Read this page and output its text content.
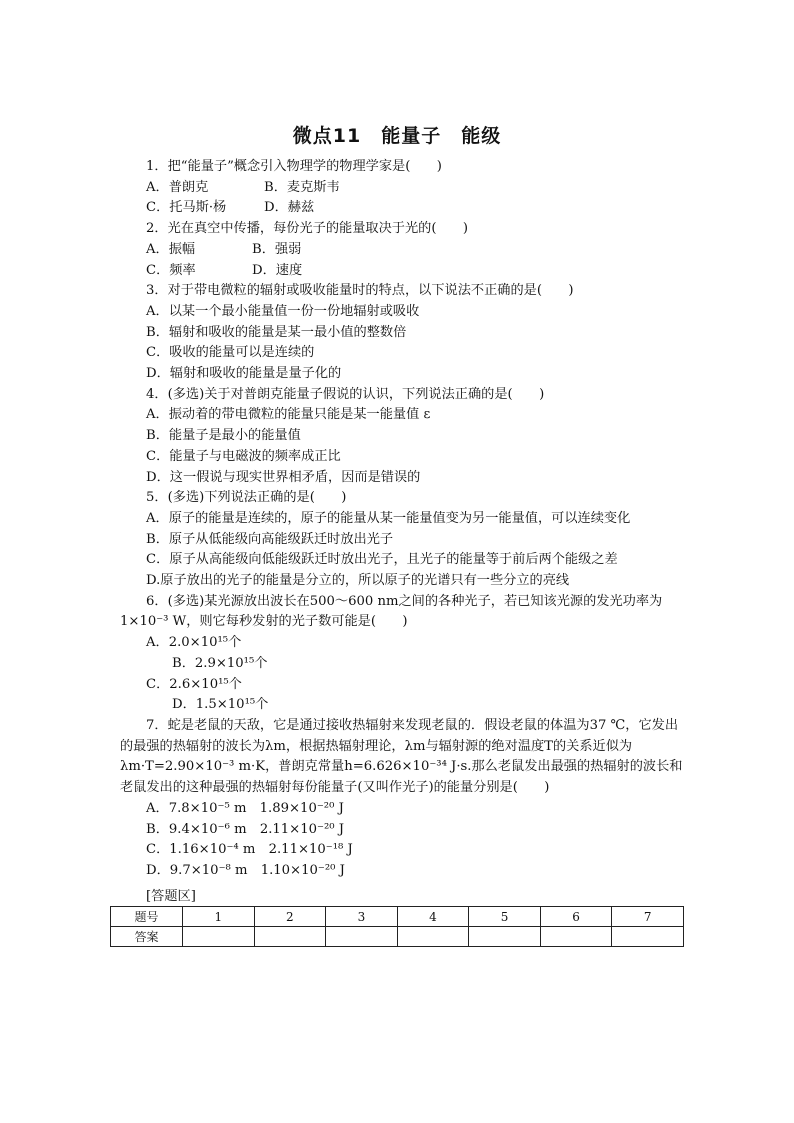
微点11　能量子　能级
1．把“能量子”概念引入物理学的物理学家是(　　)
A．普朗克	B．麦克斯韦
C．托马斯·杨	D．赫兹
2．光在真空中传播，每份光子的能量取决于光的(　　)
A．振幅	B．强弱
C．频率	D．速度
3．对于带电微粒的辐射或吸收能量时的特点，以下说法不正确的是(　　)
A．以某一个最小能量值一份一份地辐射或吸收
B．辐射和吸收的能量是某一最小值的整数倍
C．吸收的能量可以是连续的
D．辐射和吸收的能量是量子化的
4．(多选)关于对普朗克能量子假说的认识，下列说法正确的是(　　)
A．振动着的带电微粒的能量只能是某一能量值 ε
B．能量子是最小的能量值
C．能量子与电磁波的频率成正比
D．这一假说与现实世界相矛盾，因而是错误的
5．(多选)下列说法正确的是(　　)
A．原子的能量是连续的，原子的能量从某一能量值变为另一能量值，可以连续变化
B．原子从低能级向高能级跃迁时放出光子
C．原子从高能级向低能级跃迁时放出光子，且光子的能量等于前后两个能级之差
D.原子放出的光子的能量是分立的，所以原子的光谱只有一些分立的亮线
6．(多选)某光源放出波长在500～600 nm之间的各种光子，若已知该光源的发光功率为1×10⁻³ W，则它每秒发射的光子数可能是(　　)
A．2.0×10¹⁵个
B．2.9×10¹⁵个
C．2.6×10¹⁵个
D．1.5×10¹⁵个
7．蛇是老鼠的天敌，它是通过接收热辐射来发现老鼠的．假设老鼠的体温为37 ℃，它发出的最强的热辐射的波长为λm，根据热辐射理论，λm与辐射源的绝对温度T的关系近似为λm·T=2.90×10⁻³ m·K，普朗克常量h=6.626×10⁻³⁴ J·s.那么老鼠发出最强的热辐射的波长和老鼠发出的这种最强的热辐射每份能量子(又叫作光子)的能量分别是(　　)
A．7.8×10⁻⁵ m　1.89×10⁻²⁰ J
B．9.4×10⁻⁶ m　2.11×10⁻²⁰ J
C．1.16×10⁻⁴ m　2.11×10⁻¹⁸ J
D．9.7×10⁻⁸ m　1.10×10⁻²⁰ J
[答题区]
题号	1	2	3	4	5	6	7
答案							
